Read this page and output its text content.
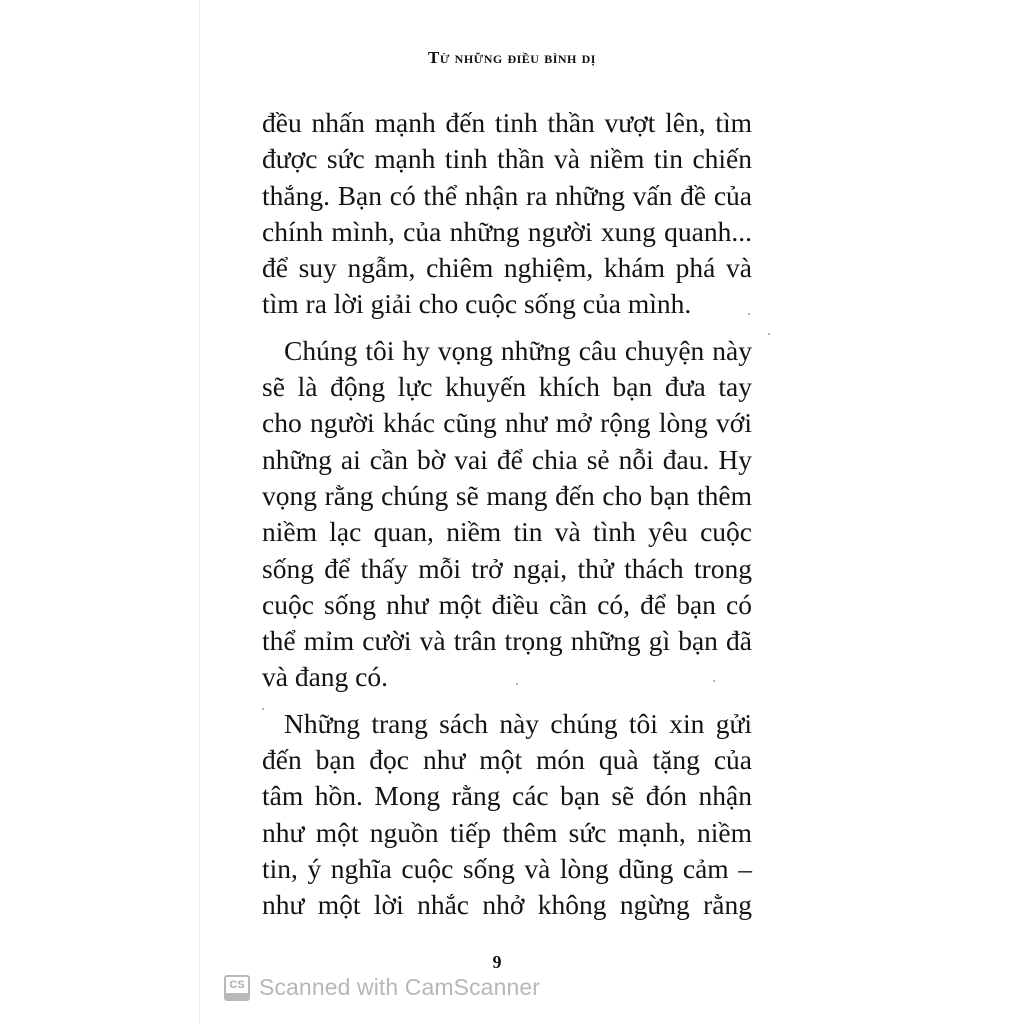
Từ những điều bình dị
đều nhấn mạnh đến tinh thần vượt lên, tìm
được sức mạnh tinh thần và niềm tin chiến
thắng. Bạn có thể nhận ra những vấn đề của
chính mình, của những người xung quanh...
để suy ngẫm, chiêm nghiệm, khám phá và
tìm ra lời giải cho cuộc sống của mình.
Chúng tôi hy vọng những câu chuyện này
sẽ là động lực khuyến khích bạn đưa tay
cho người khác cũng như mở rộng lòng với
những ai cần bờ vai để chia sẻ nỗi đau. Hy
vọng rằng chúng sẽ mang đến cho bạn thêm
niềm lạc quan, niềm tin và tình yêu cuộc
sống để thấy mỗi trở ngại, thử thách trong
cuộc sống như một điều cần có, để bạn có
thể mỉm cười và trân trọng những gì bạn đã
và đang có.
Những trang sách này chúng tôi xin gửi
đến bạn đọc như một món quà tặng của
tâm hồn. Mong rằng các bạn sẽ đón nhận
như một nguồn tiếp thêm sức mạnh, niềm
tin, ý nghĩa cuộc sống và lòng dũng cảm –
như một lời nhắc nhở không ngừng rằng
9
CS Scanned with CamScanner
